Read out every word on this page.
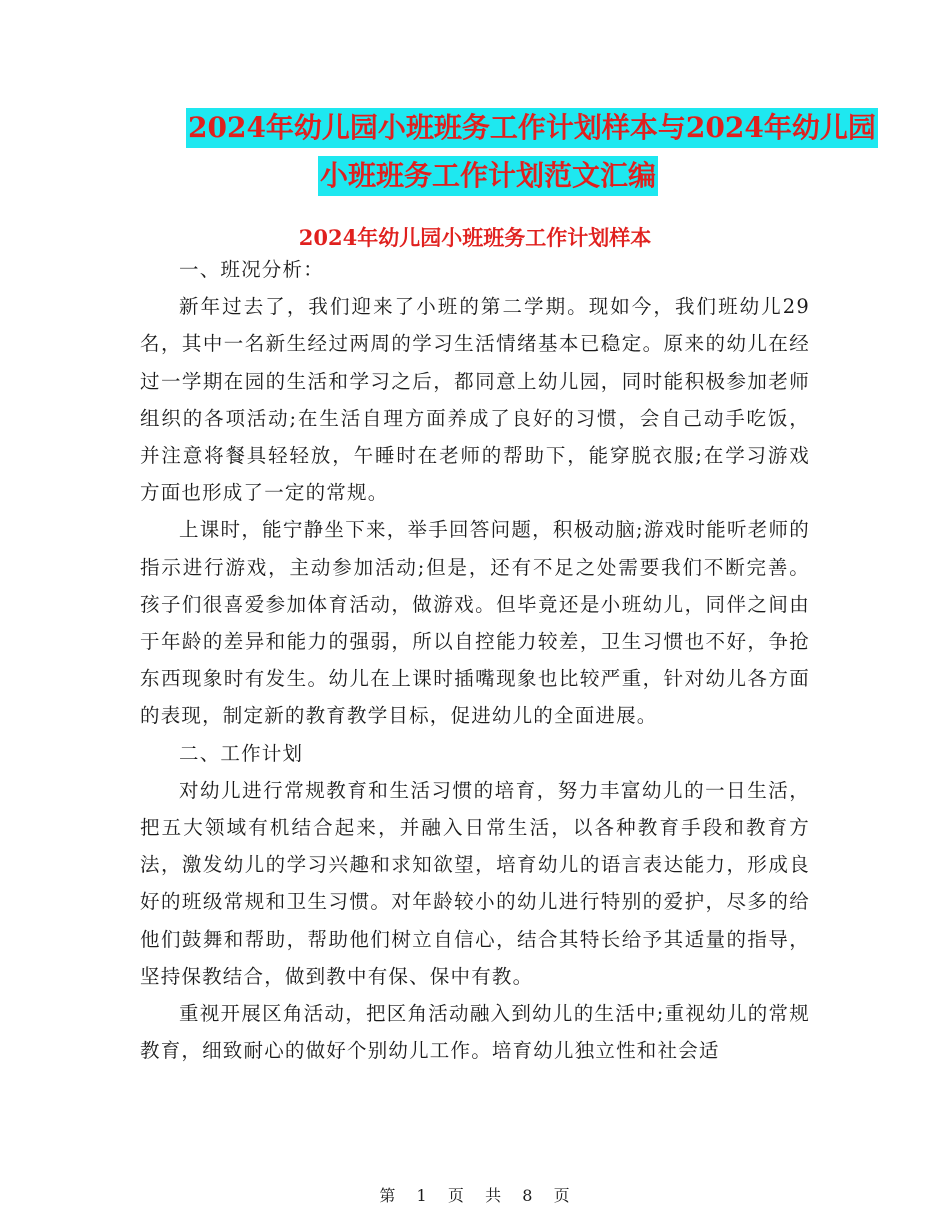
2024年幼儿园小班班务工作计划样本与2024年幼儿园
小班班务工作计划范文汇编
2024年幼儿园小班班务工作计划样本

一、班况分析：

新年过去了，我们迎来了小班的第二学期。现如今，我们班幼儿29名，其中一名新生经过两周的学习生活情绪基本已稳定。原来的幼儿在经过一学期在园的生活和学习之后，都同意上幼儿园，同时能积极参加老师组织的各项活动;在生活自理方面养成了良好的习惯，会自己动手吃饭，并注意将餐具轻轻放，午睡时在老师的帮助下，能穿脱衣服;在学习游戏方面也形成了一定的常规。

上课时，能宁静坐下来，举手回答问题，积极动脑;游戏时能听老师的指示进行游戏，主动参加活动;但是，还有不足之处需要我们不断完善。孩子们很喜爱参加体育活动，做游戏。但毕竟还是小班幼儿，同伴之间由于年龄的差异和能力的强弱，所以自控能力较差，卫生习惯也不好，争抢东西现象时有发生。幼儿在上课时插嘴现象也比较严重，针对幼儿各方面的表现，制定新的教育教学目标，促进幼儿的全面进展。

二、工作计划

对幼儿进行常规教育和生活习惯的培育，努力丰富幼儿的一日生活，把五大领域有机结合起来，并融入日常生活，以各种教育手段和教育方法，激发幼儿的学习兴趣和求知欲望，培育幼儿的语言表达能力，形成良好的班级常规和卫生习惯。对年龄较小的幼儿进行特别的爱护，尽多的给他们鼓舞和帮助，帮助他们树立自信心，结合其特长给予其适量的指导，坚持保教结合，做到教中有保、保中有教。

重视开展区角活动，把区角活动融入到幼儿的生活中;重视幼儿的常规教育，细致耐心的做好个别幼儿工作。培育幼儿独立性和社会适

第 1 页 共 8 页
